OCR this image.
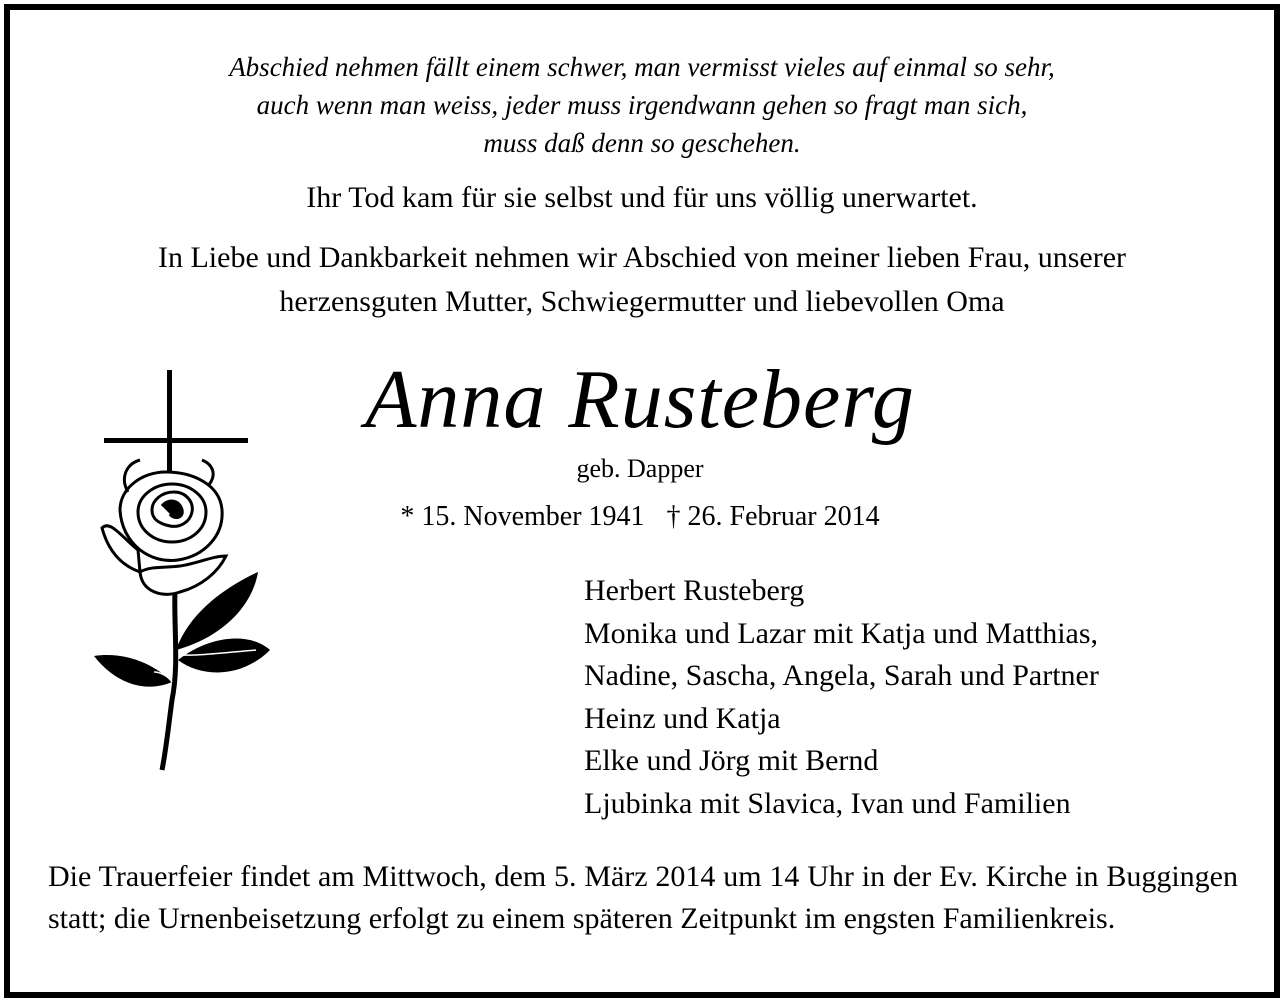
Abschied nehmen fällt einem schwer, man vermisst vieles auf einmal so sehr,
auch wenn man weiss, jeder muss irgendwann gehen so fragt man sich,
muss daß denn so geschehen.
Ihr Tod kam für sie selbst und für uns völlig unerwartet.
In Liebe und Dankbarkeit nehmen wir Abschied von meiner lieben Frau, unserer
herzensguten Mutter, Schwiegermutter und liebevollen Oma
Anna Rusteberg
geb. Dapper
* 15. November 1941 † 26. Februar 2014
Herbert Rusteberg
Monika und Lazar mit Katja und Matthias,
Nadine, Sascha, Angela, Sarah und Partner
Heinz und Katja
Elke und Jörg mit Bernd
Ljubinka mit Slavica, Ivan und Familien
Die Trauerfeier findet am Mittwoch, dem 5. März 2014 um 14 Uhr in der Ev. Kirche in Buggingen statt; die Urnenbeisetzung erfolgt zu einem späteren Zeitpunkt im engsten Familienkreis.
